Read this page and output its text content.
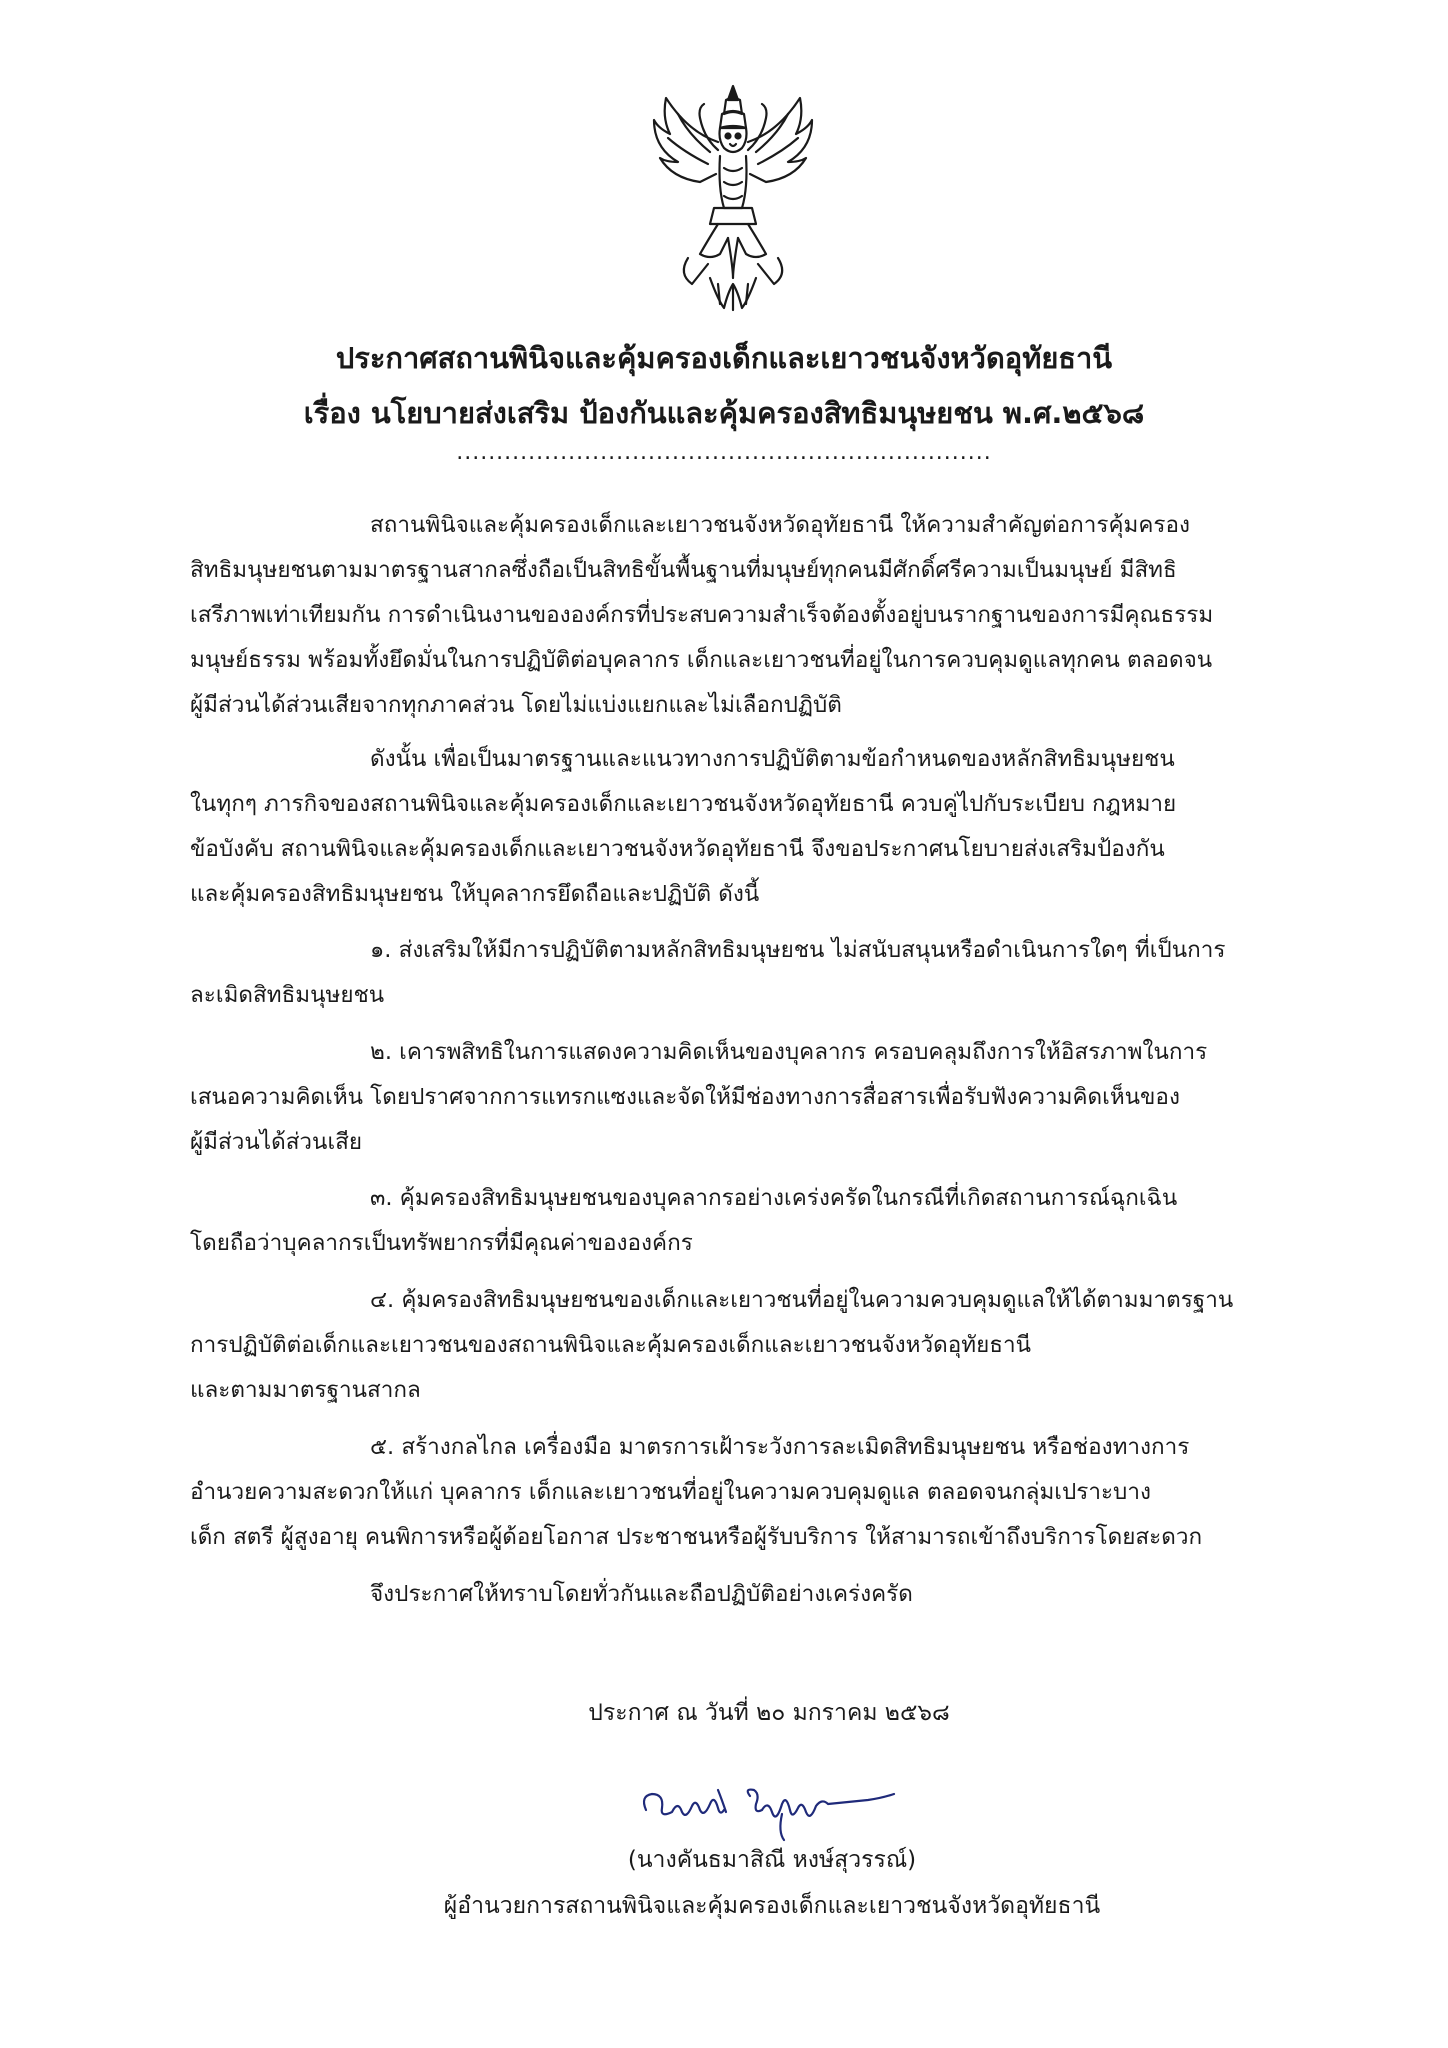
ประกาศสถานพินิจและคุ้มครองเด็กและเยาวชนจังหวัดอุทัยธานี
เรื่อง นโยบายส่งเสริม ป้องกันและคุ้มครองสิทธิมนุษยชน พ.ศ.๒๕๖๘
...................................................................
สถานพินิจและคุ้มครองเด็กและเยาวชนจังหวัดอุทัยธานี ให้ความสำคัญต่อการคุ้มครอง
สิทธิมนุษยชนตามมาตรฐานสากลซึ่งถือเป็นสิทธิขั้นพื้นฐานที่มนุษย์ทุกคนมีศักดิ์ศรีความเป็นมนุษย์ มีสิทธิ
เสรีภาพเท่าเทียมกัน การดำเนินงานขององค์กรที่ประสบความสำเร็จต้องตั้งอยู่บนรากฐานของการมีคุณธรรม
มนุษย์ธรรม พร้อมทั้งยึดมั่นในการปฏิบัติต่อบุคลากร เด็กและเยาวชนที่อยู่ในการควบคุมดูแลทุกคน ตลอดจน
ผู้มีส่วนได้ส่วนเสียจากทุกภาคส่วน โดยไม่แบ่งแยกและไม่เลือกปฏิบัติ
ดังนั้น เพื่อเป็นมาตรฐานและแนวทางการปฏิบัติตามข้อกำหนดของหลักสิทธิมนุษยชน
ในทุกๆ ภารกิจของสถานพินิจและคุ้มครองเด็กและเยาวชนจังหวัดอุทัยธานี ควบคู่ไปกับระเบียบ กฎหมาย
ข้อบังคับ สถานพินิจและคุ้มครองเด็กและเยาวชนจังหวัดอุทัยธานี จึงขอประกาศนโยบายส่งเสริมป้องกัน
และคุ้มครองสิทธิมนุษยชน ให้บุคลากรยึดถือและปฏิบัติ ดังนี้
๑. ส่งเสริมให้มีการปฏิบัติตามหลักสิทธิมนุษยชน ไม่สนับสนุนหรือดำเนินการใดๆ ที่เป็นการ
ละเมิดสิทธิมนุษยชน
๒. เคารพสิทธิในการแสดงความคิดเห็นของบุคลากร ครอบคลุมถึงการให้อิสรภาพในการ
เสนอความคิดเห็น โดยปราศจากการแทรกแซงและจัดให้มีช่องทางการสื่อสารเพื่อรับฟังความคิดเห็นของ
ผู้มีส่วนได้ส่วนเสีย
๓. คุ้มครองสิทธิมนุษยชนของบุคลากรอย่างเคร่งครัดในกรณีที่เกิดสถานการณ์ฉุกเฉิน
โดยถือว่าบุคลากรเป็นทรัพยากรที่มีคุณค่าขององค์กร
๔. คุ้มครองสิทธิมนุษยชนของเด็กและเยาวชนที่อยู่ในความควบคุมดูแลให้ได้ตามมาตรฐาน
การปฏิบัติต่อเด็กและเยาวชนของสถานพินิจและคุ้มครองเด็กและเยาวชนจังหวัดอุทัยธานี
และตามมาตรฐานสากล
๕. สร้างกลไกล เครื่องมือ มาตรการเฝ้าระวังการละเมิดสิทธิมนุษยชน หรือช่องทางการ
อำนวยความสะดวกให้แก่ บุคลากร เด็กและเยาวชนที่อยู่ในความควบคุมดูแล ตลอดจนกลุ่มเปราะบาง
เด็ก สตรี ผู้สูงอายุ คนพิการหรือผู้ด้อยโอกาส ประชาชนหรือผู้รับบริการ ให้สามารถเข้าถึงบริการโดยสะดวก
จึงประกาศให้ทราบโดยทั่วกันและถือปฏิบัติอย่างเคร่งครัด
ประกาศ ณ วันที่ ๒๐ มกราคม ๒๕๖๘
(นางคันธมาสิณี หงษ์สุวรรณ์)
ผู้อำนวยการสถานพินิจและคุ้มครองเด็กและเยาวชนจังหวัดอุทัยธานี
